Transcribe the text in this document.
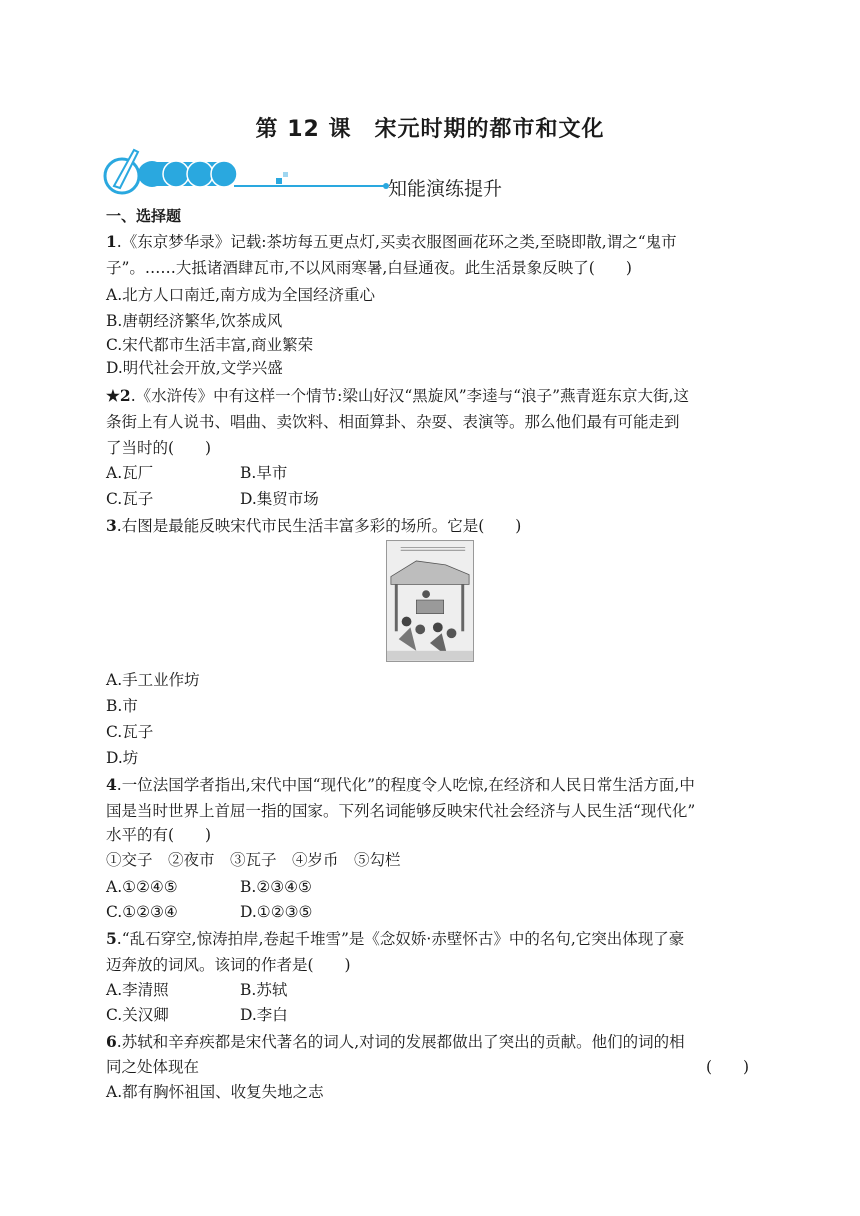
第 12 课　宋元时期的都市和文化
知能演练提升
一、选择题
1.《东京梦华录》记载:茶坊每五更点灯,买卖衣服图画花环之类,至晓即散,谓之“鬼市
子”。……大抵诸酒肆瓦市,不以风雨寒暑,白昼通夜。此生活景象反映了(　　)
A.北方人口南迁,南方成为全国经济重心
B.唐朝经济繁华,饮茶成风
C.宋代都市生活丰富,商业繁荣
D.明代社会开放,文学兴盛
★2.《水浒传》中有这样一个情节:梁山好汉“黑旋风”李逵与“浪子”燕青逛东京大街,这
条街上有人说书、唱曲、卖饮料、相面算卦、杂耍、表演等。那么他们最有可能走到
了当时的(　　)
A.瓦厂	B.早市
C.瓦子	D.集贸市场
3.右图是最能反映宋代市民生活丰富多彩的场所。它是(　　)
A.手工业作坊
B.市
C.瓦子
D.坊
4.一位法国学者指出,宋代中国“现代化”的程度令人吃惊,在经济和人民日常生活方面,中
国是当时世界上首屈一指的国家。下列名词能够反映宋代社会经济与人民生活“现代化”
水平的有(　　)
①交子　②夜市　③瓦子　④岁币　⑤勾栏
A.①②④⑤	B.②③④⑤
C.①②③④	D.①②③⑤
5.“乱石穿空,惊涛拍岸,卷起千堆雪”是《念奴娇·赤壁怀古》中的名句,它突出体现了豪
迈奔放的词风。该词的作者是(　　)
A.李清照	B.苏轼
C.关汉卿	D.李白
6.苏轼和辛弃疾都是宋代著名的词人,对词的发展都做出了突出的贡献。他们的词的相
同之处体现在	(　　)
A.都有胸怀祖国、收复失地之志
